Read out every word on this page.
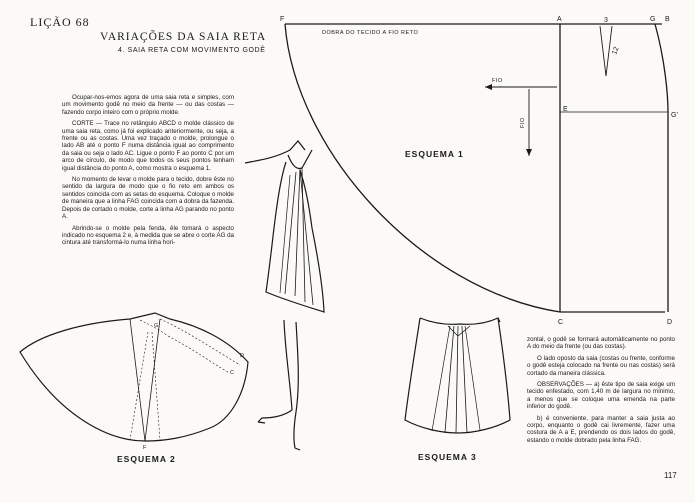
LIÇÃO 68
VARIAÇÕES DA SAIA RETA
4. SAIA RETA COM MOVIMENTO GODÊ

Ocupar-nos-emos agora de uma saia reta e simples, com um movimento godê no meio da frente — ou das costas — fazendo corpo inteiro com o próprio molde.

CORTE — Trace no retângulo ABCD o molde clássico de uma saia reta, como já foi explicado anteriormente, ou seja, a frente ou as costas. Uma vez traçado o molde, prolongue o lado AB até o ponto F numa distância igual ao comprimento da saia ou seja o lado AC. Ligue o ponto F ao ponto C por um arco de círculo, de modo que todos os seus pontos tenham igual distância do ponto A, como mostra o esquema 1.

No momento de levar o molde para o tecido, dobre êste no sentido da largura de modo que o fio reto em ambos os sentidos coincida com as setas do esquema. Coloque o molde de maneira que a linha FAG coincida com a dobra da fazenda. Depois de cortado o molde, corte a linha AG parando no ponto A.

Abrindo-se o molde pela fenda, êle tomará o aspecto indicado no esquema 2 e, à medida que se abre o corte AG da cintura até transformá-lo numa linha hori-

zontal, o godê se formará automàticamente no ponto A do meio da frente (ou das costas).

O lado oposto da saia (costas ou frente, conforme o godê esteja colocado na frente ou nas costas) será cortado da maneira clássica.

OBSERVAÇÕES — a) êste tipo de saia exige um tecido enfestado, com 1,40 m de largura no mínimo, a menos que se coloque uma emenda na parte inferior do godê.

b) é conveniente, para manter a saia justa ao corpo, enquanto o godê cai livremente, fazer uma costura de A a E, prendendo os dois lados do godê, estando o molde dobrado pela linha FAG.

117
F	A	G B
E
G'
C	D
3
12
FIO
FIO
DOBRA DO TECIDO A FIO RETO
ESQUEMA 1
G
D
C
F
ESQUEMA 2	ESQUEMA 3
